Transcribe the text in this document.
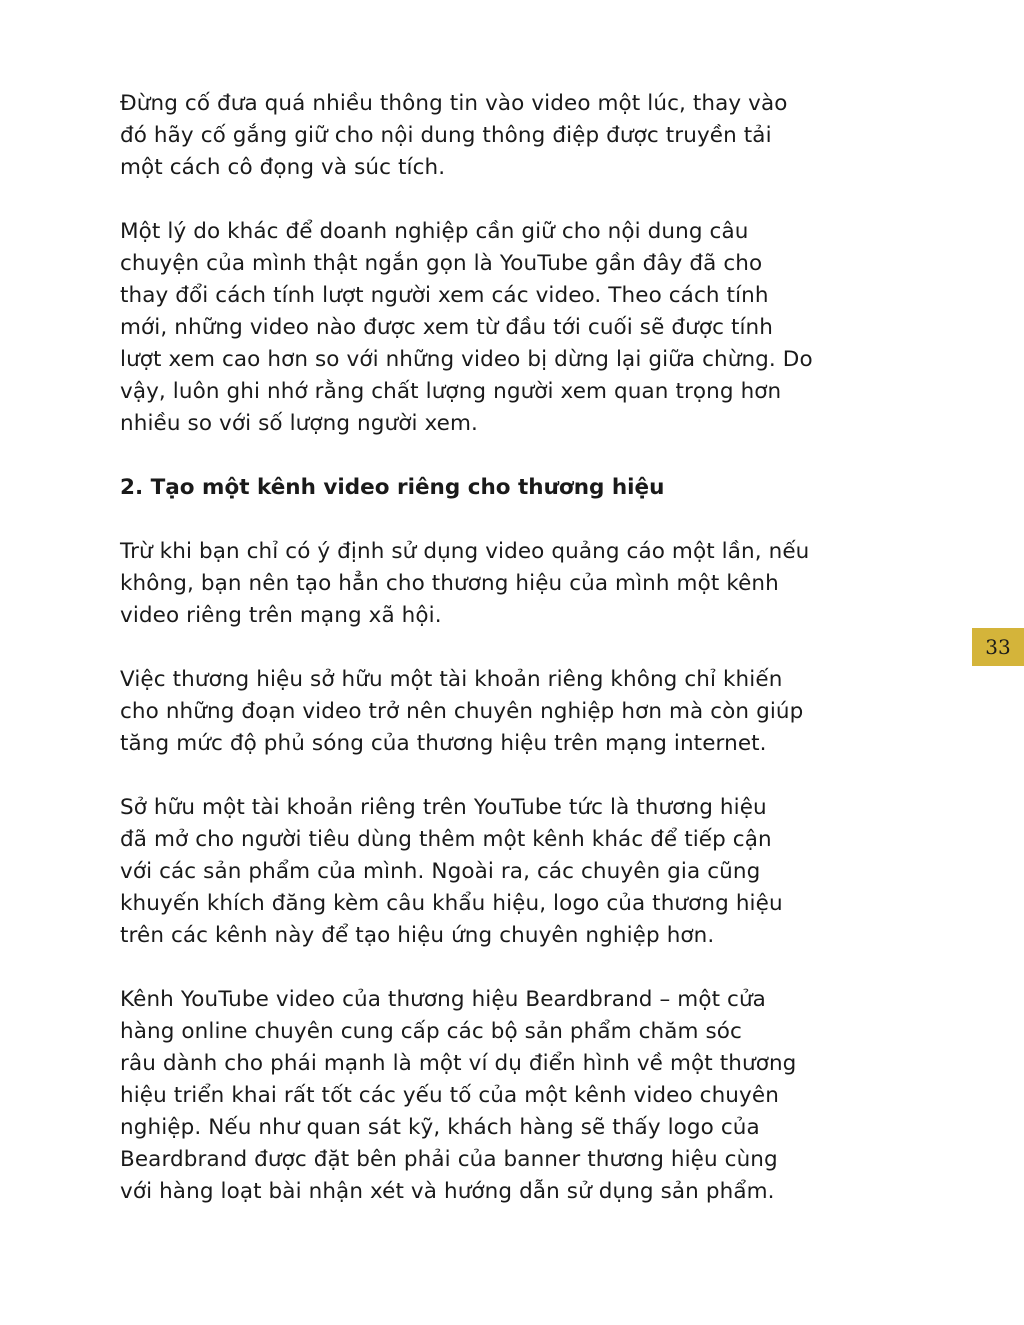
Đừng cố đưa quá nhiều thông tin vào video một lúc, thay vào
đó hãy cố gắng giữ cho nội dung thông điệp được truyền tải
một cách cô đọng và súc tích.

Một lý do khác để doanh nghiệp cần giữ cho nội dung câu
chuyện của mình thật ngắn gọn là YouTube gần đây đã cho
thay đổi cách tính lượt người xem các video. Theo cách tính
mới, những video nào được xem từ đầu tới cuối sẽ được tính
lượt xem cao hơn so với những video bị dừng lại giữa chừng. Do
vậy, luôn ghi nhớ rằng chất lượng người xem quan trọng hơn
nhiều so với số lượng người xem.

2. Tạo một kênh video riêng cho thương hiệu

Trừ khi bạn chỉ có ý định sử dụng video quảng cáo một lần, nếu
không, bạn nên tạo hẳn cho thương hiệu của mình một kênh
video riêng trên mạng xã hội.

Việc thương hiệu sở hữu một tài khoản riêng không chỉ khiến
cho những đoạn video trở nên chuyên nghiệp hơn mà còn giúp
tăng mức độ phủ sóng của thương hiệu trên mạng internet.

Sở hữu một tài khoản riêng trên YouTube tức là thương hiệu
đã mở cho người tiêu dùng thêm một kênh khác để tiếp cận
với các sản phẩm của mình. Ngoài ra, các chuyên gia cũng
khuyến khích đăng kèm câu khẩu hiệu, logo của thương hiệu
trên các kênh này để tạo hiệu ứng chuyên nghiệp hơn.

Kênh YouTube video của thương hiệu Beardbrand – một cửa
hàng online chuyên cung cấp các bộ sản phẩm chăm sóc
râu dành cho phái mạnh là một ví dụ điển hình về một thương
hiệu triển khai rất tốt các yếu tố của một kênh video chuyên
nghiệp. Nếu như quan sát kỹ, khách hàng sẽ thấy logo của
Beardbrand được đặt bên phải của banner thương hiệu cùng
với hàng loạt bài nhận xét và hướng dẫn sử dụng sản phẩm.

33
